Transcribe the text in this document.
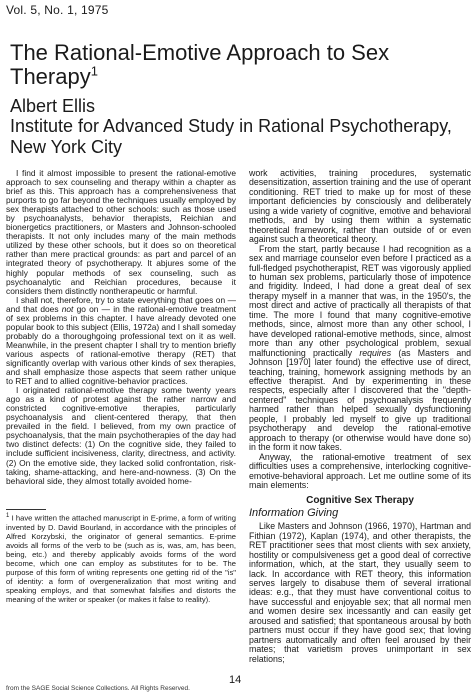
Vol. 5, No. 1, 1975
The Rational-Emotive Approach to Sex Therapy$^1$
Albert Ellis
Institute for Advanced Study in Rational Psychotherapy, New York City

I find it almost impossible to present the rational-emotive approach to sex counseling and therapy within a chapter as brief as this. This approach has a comprehensiveness that purports to go far beyond the techniques usually employed by sex therapists attached to other schools: such as those used by psychoanalysts, behavior therapists, Reichian and bionergetics practitioners, or Masters and Johnson-schooled therapists. It not only includes many of the main methods utilized by these other schools, but it does so on theoretical rather than mere practical grounds: as part and parcel of an integrated theory of psychotherapy. It abjures some of the highly popular methods of sex counseling, such as psychoanalytic and Reichian procedures, because it considers them distinctly nontherapeutic or harmful.

I shall not, therefore, try to state everything that goes on — and that does not go on — in the rational-emotive treatment of sex problems in this chapter. I have already devoted one popular book to this subject (Ellis, 1972a) and I shall someday probably do a thoroughgoing professional text on it as well. Meanwhile, in the present chapter I shall try to mention briefly various aspects of rational-emotive therapy (RET) that significantly overlap with various other kinds of sex therapies, and shall emphasize those aspects that seem rather unique to RET and to allied cognitive-behavior practices.

I originated rational-emotive therapy some twenty years ago as a kind of protest against the rather narrow and constricted cognitive-emotive therapies, particularly psychoanalysis and client-centered therapy, that then prevailed in the field. I believed, from my own practice of psychoanalysis, that the main psychotherapies of the day had two distinct defects: (1) On the cognitive side, they failed to include sufficient incisiveness, clarity, directness, and activity. (2) On the emotive side, they lacked solid confrontation, risk-taking, shame-attacking, and here-and-nowness. (3) On the behavioral side, they almost totally avoided home-

$^1$ I have written the attached manuscript in E-prime, a form of writing invented by D. David Bourland, in accordance with the principles of Alfred Korzybski, the originator of general semantics. E-prime avoids all forms of the verb to be (such as is, was, am, has been, being, etc.) and thereby applicably avoids forms of the word become, which one can employ as substitutes for to be. The purpose of this form of writing represents one getting rid of the "is" of identity: a form of overgeneralization that most writing and speaking employs, and that somewhat falsifies and distorts the meaning of the writer or speaker (or makes it false to reality).

work activities, training procedures, systematic desensitization, assertion training and the use of operant conditioning. RET tried to make up for most of these important deficiencies by consciously and deliberately using a wide variety of cognitive, emotive and behavioral methods, and by using them within a systematic theoretical framework, rather than outside of or even against such a theoretical theory.

From the start, partly because I had recognition as a sex and marriage counselor even before I practiced as a full-fledged psychotherapist, RET was vigorously applied to human sex problems, particularly those of impotence and frigidity. Indeed, I had done a great deal of sex therapy myself in a manner that was, in the 1950's, the most direct and active of practically all therapists of that time. The more I found that many cognitive-emotive methods, since, almost more than any other school, I have developed rational-emotive methods, since, almost more than any other psychological problem, sexual malfunctioning practically requires (as Masters and Johnson [1970] later found) the effective use of direct, teaching, training, homework assigning methods by an effective therapist. And by experimenting in these respects, especially after I discovered that the "depth-centered" techniques of psychoanalysis frequently harmed rather than helped sexually dysfunctioning people, I probably led myself to give up traditional psychotherapy and develop the rational-emotive approach to therapy (or otherwise would have done so) in the form it now takes.

Anyway, the rational-emotive treatment of sex difficulties uses a comprehensive, interlocking cognitive-emotive-behavioral approach. Let me outline some of its main elements:

Cognitive Sex Therapy
Information Giving

Like Masters and Johnson (1966, 1970), Hartman and Fithian (1972), Kaplan (1974), and other therapists, the RET practitioner sees that most clients with sex anxiety, hostility or compulsiveness get a good deal of corrective information, which, at the start, they usually seem to lack. In accordance with RET theory, this information serves largely to disabuse them of several irrational ideas: e.g., that they must have conventional coitus to have successful and enjoyable sex; that all normal men and women desire sex incessantly and can easily get aroused and satisfied; that spontaneous arousal by both partners must occur if they have good sex; that loving partners automatically and often feel aroused by their mates; that varietism proves unimportant in sex relations;

14
from the SAGE Social Science Collections. All Rights Reserved.
